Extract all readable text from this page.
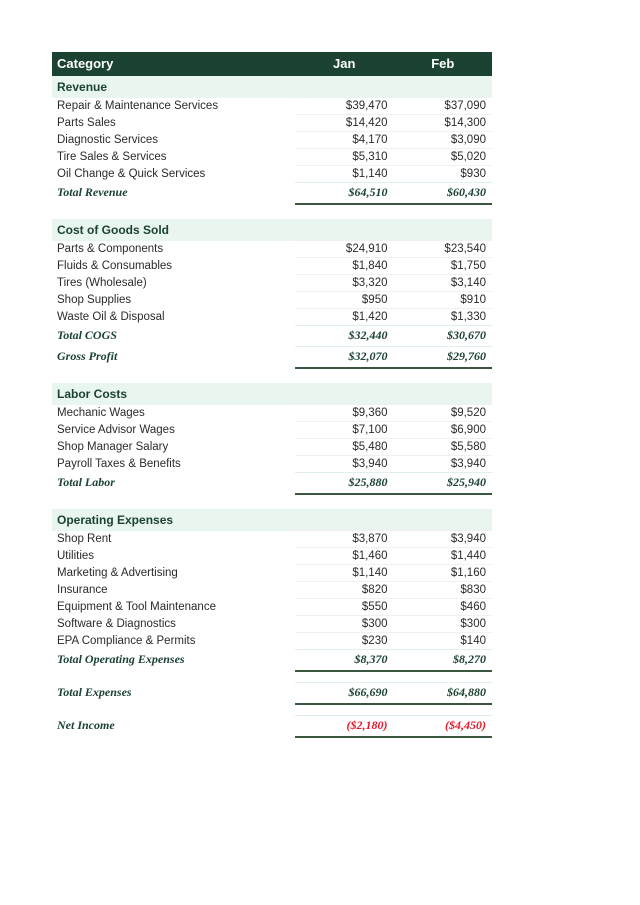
Category	Jan	Feb
Revenue		
Repair & Maintenance Services	$39,470	$37,090
Parts Sales	$14,420	$14,300
Diagnostic Services	$4,170	$3,090
Tire Sales & Services	$5,310	$5,020
Oil Change & Quick Services	$1,140	$930
Total Revenue	$64,510	$60,430

Cost of Goods Sold		
Parts & Components	$24,910	$23,540
Fluids & Consumables	$1,840	$1,750
Tires (Wholesale)	$3,320	$3,140
Shop Supplies	$950	$910
Waste Oil & Disposal	$1,420	$1,330
Total COGS	$32,440	$30,670
Gross Profit	$32,070	$29,760

Labor Costs		
Mechanic Wages	$9,360	$9,520
Service Advisor Wages	$7,100	$6,900
Shop Manager Salary	$5,480	$5,580
Payroll Taxes & Benefits	$3,940	$3,940
Total Labor	$25,880	$25,940

Operating Expenses		
Shop Rent	$3,870	$3,940
Utilities	$1,460	$1,440
Marketing & Advertising	$1,140	$1,160
Insurance	$820	$830
Equipment & Tool Maintenance	$550	$460
Software & Diagnostics	$300	$300
EPA Compliance & Permits	$230	$140
Total Operating Expenses	$8,370	$8,270

Total Expenses	$66,690	$64,880

Net Income	($2,180)	($4,450)
